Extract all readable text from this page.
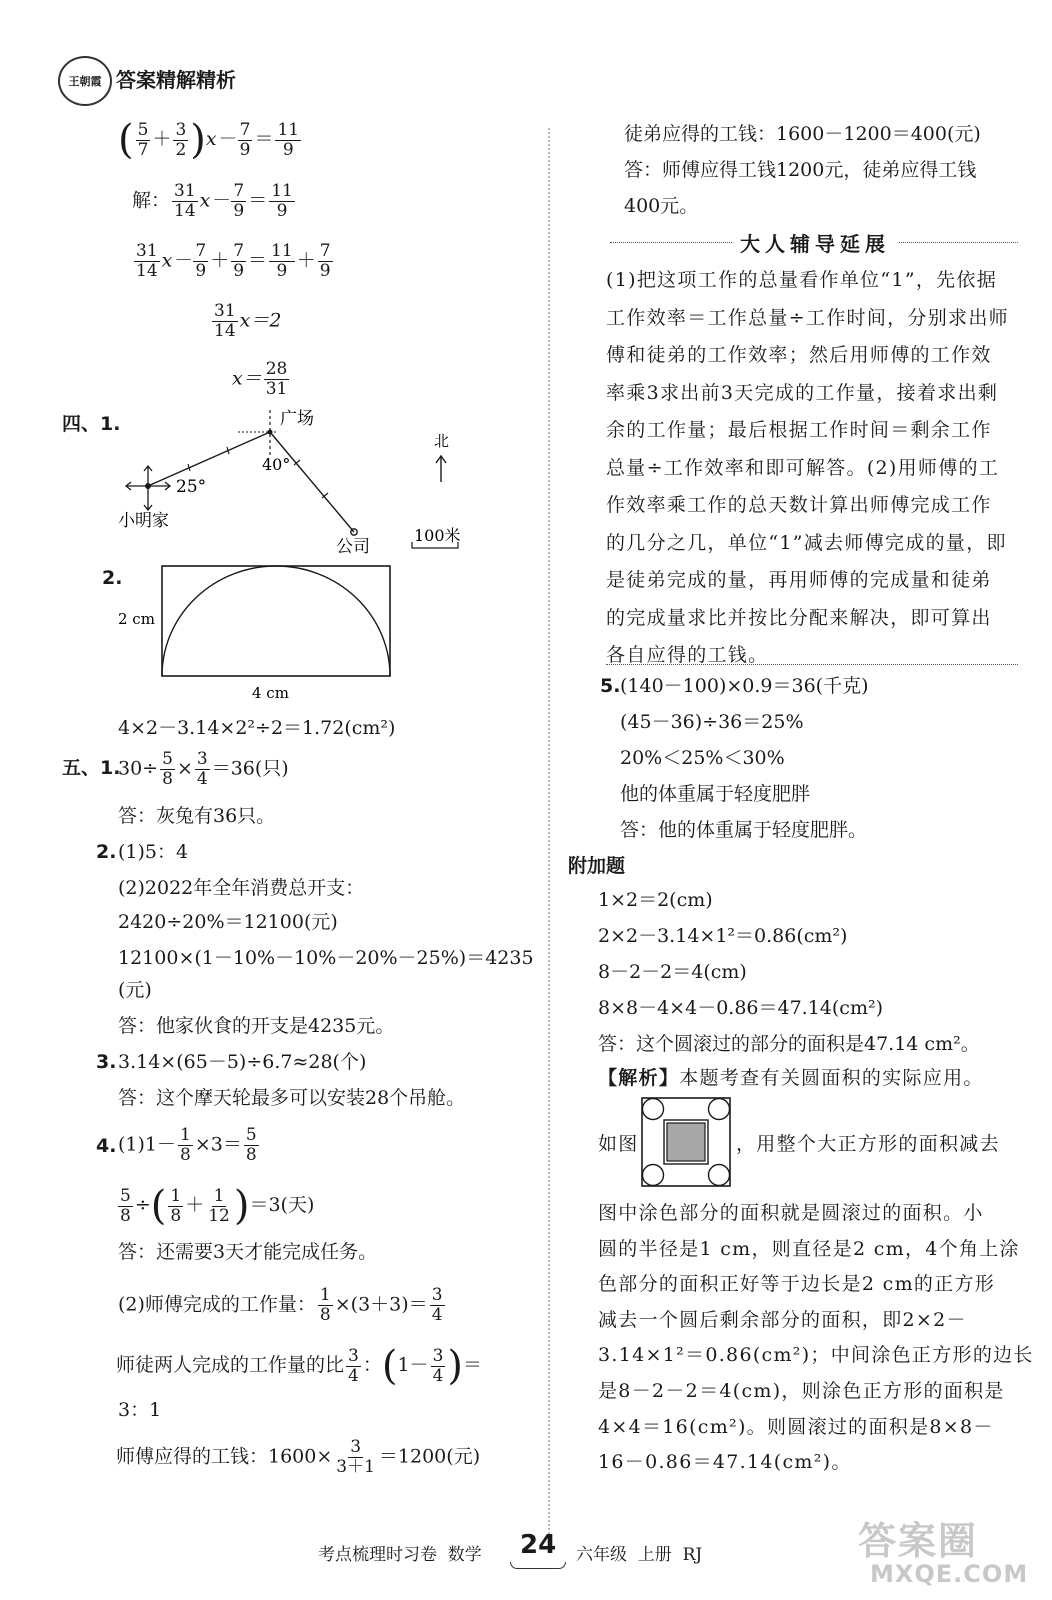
王朝霞 答案精解精析
( $\frac{5}{7} + \frac{3}{2} )x- \frac{7}{9} = \frac{11}{9}$
解： $\frac{31}{14} x- \frac{7}{9} = \frac{11}{9}$
$\frac{31}{14} x- \frac{7}{9} + \frac{7}{9} = \frac{11}{9} + \frac{7}{9}$
$\frac{31}{14} x=2$
$x= \frac{28}{31}$
四、1.
25°
40°
广场
小明家
公司
北
100米
2.
2 cm
4 cm
4×2－3.14×2²÷2＝1.72(cm²)
五、1.
$30\div \frac{5}{8} \times \frac{3}{4} =36$(只)
答：灰兔有36只。
2. (1)5：4
(2)2022年全年消费总开支：
2420÷20%＝12100(元)
12100×(1－10%－10%－20%－25%)＝4235
(元)
答：他家伙食的开支是4235元。
3. 3.14×(65－5)÷6.7≈28(个)
答：这个摩天轮最多可以安装28个吊舱。
4. $(1)1- \frac{1}{8} \times 3= \frac{5}{8}$
$\frac{5}{8}$ ÷( $\frac{1}{8} + \frac{1}{12} )=3$(天)
答：还需要3天才能完成任务。
(2)师傅完成的工作量： $\frac{1}{8} \times(3+3)= \frac{3}{4}$
师徒两人完成的工作量的比 $\frac{3}{4}$ ：($1- \frac{3}{4}$ )＝
3：1
师傅应得的工钱：$1600\times \frac{3}{3+1} =1200$(元)
徒弟应得的工钱：1600－1200＝400(元)
答：师傅应得工钱1200元，徒弟应得工钱
400元。
大人辅导延展
(1)把这项工作的总量看作单位“1”，先依据
工作效率＝工作总量÷工作时间，分别求出师
傅和徒弟的工作效率；然后用师傅的工作效
率乘3求出前3天完成的工作量，接着求出剩
余的工作量；最后根据工作时间＝剩余工作
总量÷工作效率和即可解答。(2)用师傅的工
作效率乘工作的总天数计算出师傅完成工作
的几分之几，单位“1”减去师傅完成的量，即
是徒弟完成的量，再用师傅的完成量和徒弟
的完成量求比并按比分配来解决，即可算出
各自应得的工钱。
5. (140－100)×0.9＝36(千克)
(45－36)÷36＝25%
20%＜25%＜30%
他的体重属于轻度肥胖
答：他的体重属于轻度肥胖。
附加题
1×2＝2(cm)
2×2－3.14×1²＝0.86(cm²)
8－2－2＝4(cm)
8×8－4×4－0.86＝47.14(cm²)
答：这个圆滚过的部分的面积是47.14 cm²。
【解析】本题考查有关圆面积的实际应用。
如图	，用整个大正方形的面积减去
图中涂色部分的面积就是圆滚过的面积。小
圆的半径是1 cm，则直径是2 cm，4个角上涂
色部分的面积正好等于边长是2 cm的正方形
减去一个圆后剩余部分的面积，即2×2－
3.14×1²＝0.86(cm²)；中间涂色正方形的边长
是8－2－2＝4(cm)，则涂色正方形的面积是
4×4＝16(cm²)。则圆滚过的面积是8×8－
16－0.86＝47.14(cm²)。
考点梳理时习卷  数学 24 六年级  上册  RJ	答案圈
MXQE.COM
